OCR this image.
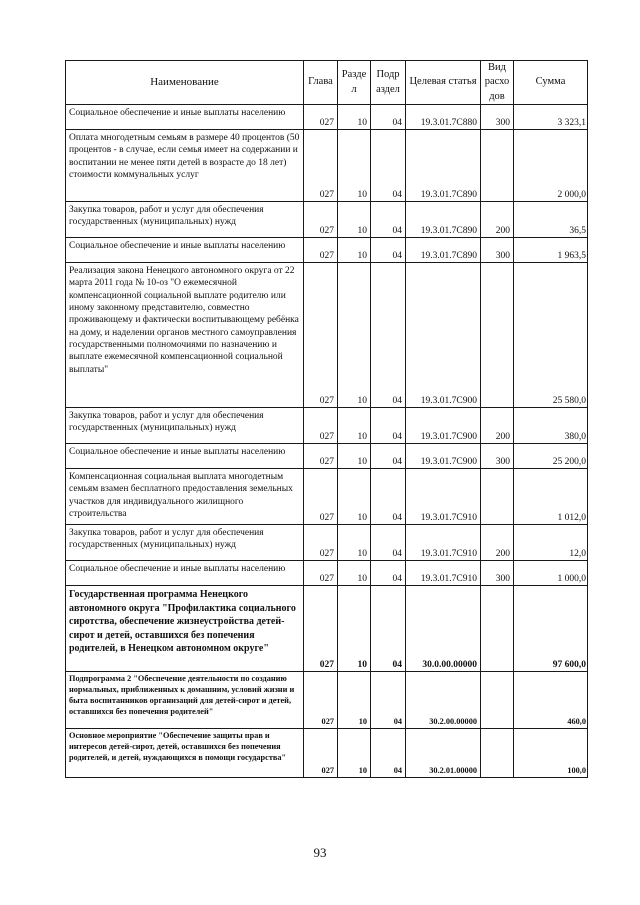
Наименование	Глава	Разде л	Подр аздел	Целевая статья	Вид расхо дов	Сумма
Социальное обеспечение и иные выплаты населению	027	10	04	19.3.01.7С880	300	3 323,1
Оплата многодетным семьям в размере 40 процентов (50 процентов - в случае, если семья имеет на содержании и воспитании не менее пяти детей в возрасте до 18 лет) стоимости коммунальных услуг	027	10	04	19.3.01.7С890		2 000,0
Закупка товаров, работ и услуг для обеспечения государственных (муниципальных) нужд	027	10	04	19.3.01.7С890	200	36,5
Социальное обеспечение и иные выплаты населению	027	10	04	19.3.01.7С890	300	1 963,5
Реализация закона Ненецкого автономного округа от 22 марта 2011 года № 10-оз "О ежемесячной компенсационной социальной выплате родителю или иному законному представителю, совместно проживающему и фактически воспитывающему ребёнка на дому, и наделении органов местного самоуправления государственными полномочиями по назначению и выплате ежемесячной компенсационной социальной выплаты"	027	10	04	19.3.01.7С900		25 580,0
Закупка товаров, работ и услуг для обеспечения государственных (муниципальных) нужд	027	10	04	19.3.01.7С900	200	380,0
Социальное обеспечение и иные выплаты населению	027	10	04	19.3.01.7С900	300	25 200,0
Компенсационная социальная выплата многодетным семьям взамен бесплатного предоставления земельных участков для индивидуального жилищного строительства	027	10	04	19.3.01.7С910		1 012,0
Закупка товаров, работ и услуг для обеспечения государственных (муниципальных) нужд	027	10	04	19.3.01.7С910	200	12,0
Социальное обеспечение и иные выплаты населению	027	10	04	19.3.01.7С910	300	1 000,0
Государственная программа Ненецкого автономного округа "Профилактика социального сиротства, обеспечение жизнеустройства детей-сирот и детей, оставшихся без попечения родителей, в Ненецком автономном округе"	027	10	04	30.0.00.00000		97 600,0
Подпрограмма 2 "Обеспечение деятельности по созданию нормальных, приближенных к домашним, условий жизни и быта воспитанников организаций для детей-сирот и детей, оставшихся без попечения родителей"	027	10	04	30.2.00.00000		460,0
Основное мероприятие "Обеспечение защиты прав и интересов детей-сирот, детей, оставшихся без попечения родителей, и детей, нуждающихся в помощи государства"	027	10	04	30.2.01.00000		100,0
93
